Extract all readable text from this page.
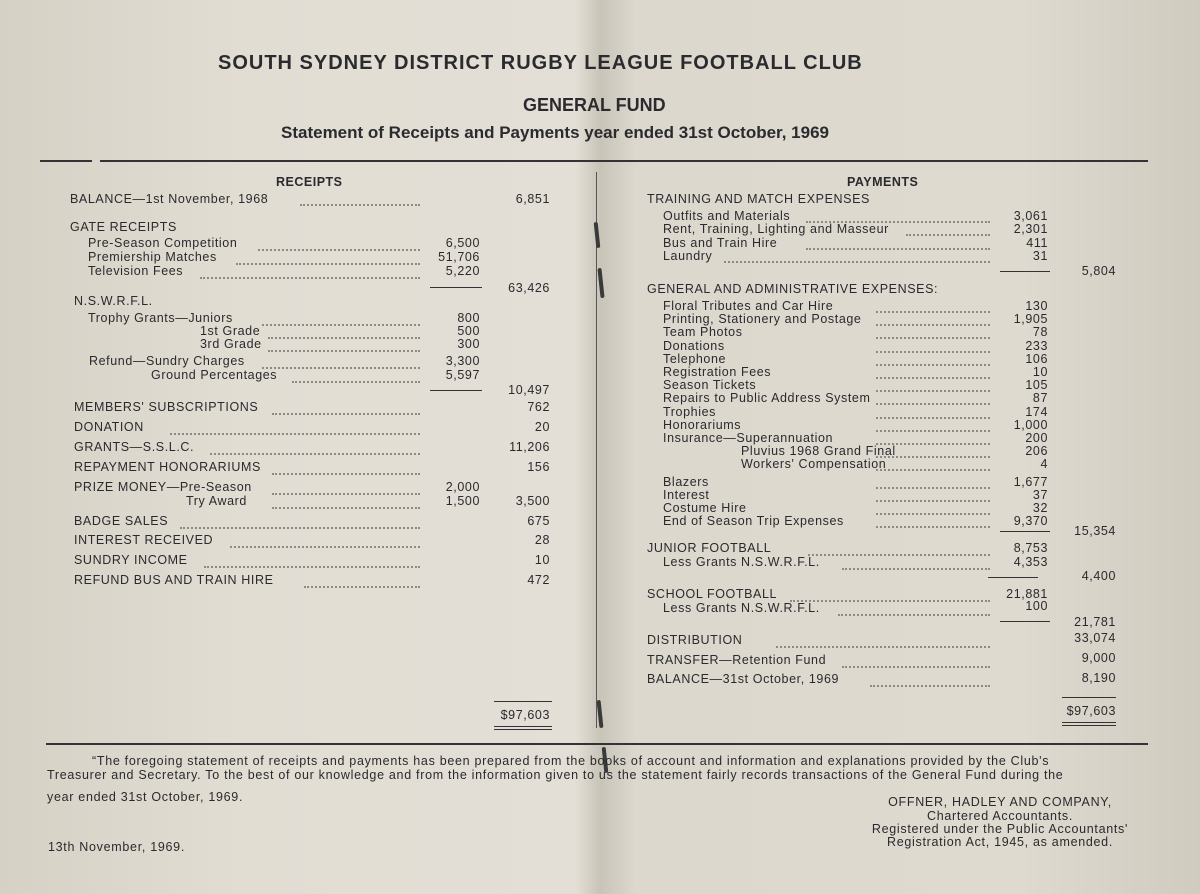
SOUTH SYDNEY DISTRICT RUGBY LEAGUE FOOTBALL CLUB
GENERAL FUND
Statement of Receipts and Payments year ended 31st October, 1969
RECEIPTS
BALANCE—1st November, 1968	6,851
GATE RECEIPTS
Pre-Season Competition	6,500
Premiership Matches	51,706
Television Fees	5,220
63,426
N.S.W.R.F.L.
Trophy Grants—Juniors	800
1st Grade	500
3rd Grade	300
Refund—Sundry Charges	3,300
Ground Percentages	5,597
10,497
MEMBERS' SUBSCRIPTIONS	762
DONATION	20
GRANTS—S.S.L.C.	11,206
REPAYMENT HONORARIUMS	156
PRIZE MONEY—Pre-Season	2,000
Try Award	1,500	3,500
BADGE SALES	675
INTEREST RECEIVED	28
SUNDRY INCOME	10
REFUND BUS AND TRAIN HIRE	472
$97,603
PAYMENTS
TRAINING AND MATCH EXPENSES
Outfits and Materials	3,061
Rent, Training, Lighting and Masseur	2,301
Bus and Train Hire	411
Laundry	31
5,804
GENERAL AND ADMINISTRATIVE EXPENSES:
Floral Tributes and Car Hire	130
Printing, Stationery and Postage	1,905
Team Photos	78
Donations	233
Telephone	106
Registration Fees	10
Season Tickets	105
Repairs to Public Address System	87
Trophies	174
Honorariums	1,000
Insurance—Superannuation	200
Pluvius 1968 Grand Final	206
Workers' Compensation	4
Blazers	1,677
Interest	37
Costume Hire	32
End of Season Trip Expenses	9,370
15,354
JUNIOR FOOTBALL	8,753
Less Grants N.S.W.R.F.L.	4,353
4,400
SCHOOL FOOTBALL	21,881
Less Grants N.S.W.R.F.L.	100
21,781
DISTRIBUTION	33,074
TRANSFER—Retention Fund	9,000
BALANCE—31st October, 1969	8,190
$97,603
“The foregoing statement of receipts and payments has been prepared from the books of account and information and explanations provided by the Club's
Treasurer and Secretary. To the best of our knowledge and from the information given to us the statement fairly records transactions of the General Fund during the
year ended 31st October, 1969.	OFFNER, HADLEY AND COMPANY,
Chartered Accountants.
Registered under the Public Accountants'
Registration Act, 1945, as amended.
13th November, 1969.
